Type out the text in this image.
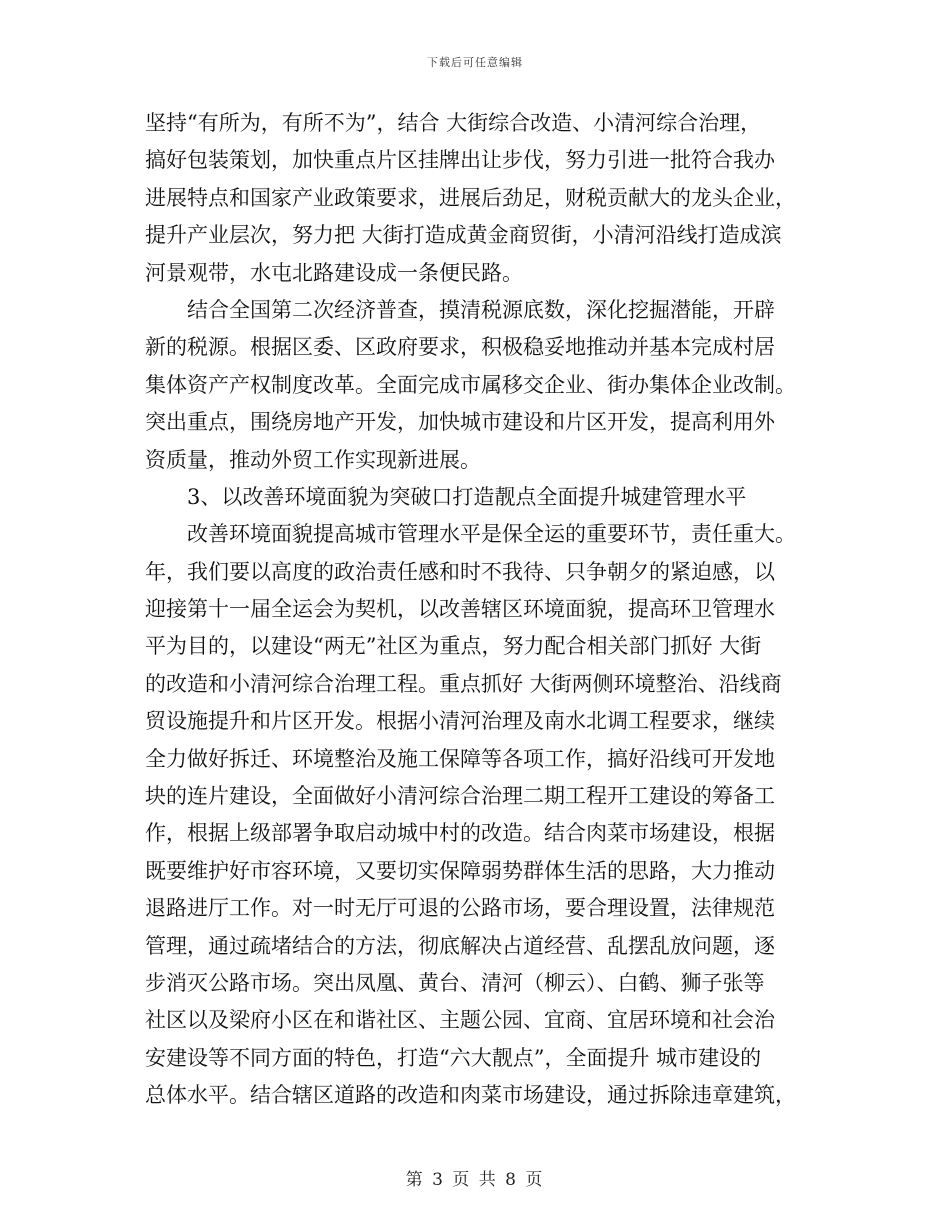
下载后可任意编辑
坚持“有所为，有所不为”，结合 大街综合改造、小清河综合治理，
搞好包装策划，加快重点片区挂牌出让步伐，努力引进一批符合我办
进展特点和国家产业政策要求，进展后劲足，财税贡献大的龙头企业，
提升产业层次，努力把 大街打造成黄金商贸街，小清河沿线打造成滨
河景观带，水屯北路建设成一条便民路。
　　结合全国第二次经济普查，摸清税源底数，深化挖掘潜能，开辟
新的税源。根据区委、区政府要求，积极稳妥地推动并基本完成村居
集体资产产权制度改革。全面完成市属移交企业、街办集体企业改制。
突出重点，围绕房地产开发，加快城市建设和片区开发，提高利用外
资质量，推动外贸工作实现新进展。
　　3、以改善环境面貌为突破口打造靓点全面提升城建管理水平
　　改善环境面貌提高城市管理水平是保全运的重要环节，责任重大。
年，我们要以高度的政治责任感和时不我待、只争朝夕的紧迫感，以
迎接第十一届全运会为契机，以改善辖区环境面貌，提高环卫管理水
平为目的，以建设“两无”社区为重点，努力配合相关部门抓好 大街
的改造和小清河综合治理工程。重点抓好 大街两侧环境整治、沿线商
贸设施提升和片区开发。根据小清河治理及南水北调工程要求，继续
全力做好拆迁、环境整治及施工保障等各项工作，搞好沿线可开发地
块的连片建设，全面做好小清河综合治理二期工程开工建设的筹备工
作，根据上级部署争取启动城中村的改造。结合肉菜市场建设，根据
既要维护好市容环境，又要切实保障弱势群体生活的思路，大力推动
退路进厅工作。对一时无厅可退的公路市场，要合理设置，法律规范
管理，通过疏堵结合的方法，彻底解决占道经营、乱摆乱放问题，逐
步消灭公路市场。突出凤凰、黄台、清河（柳云）、白鹤、狮子张等
社区以及梁府小区在和谐社区、主题公园、宜商、宜居环境和社会治
安建设等不同方面的特色，打造“六大靓点”，全面提升 城市建设的
总体水平。结合辖区道路的改造和肉菜市场建设，通过拆除违章建筑，
第 3 页 共 8 页
